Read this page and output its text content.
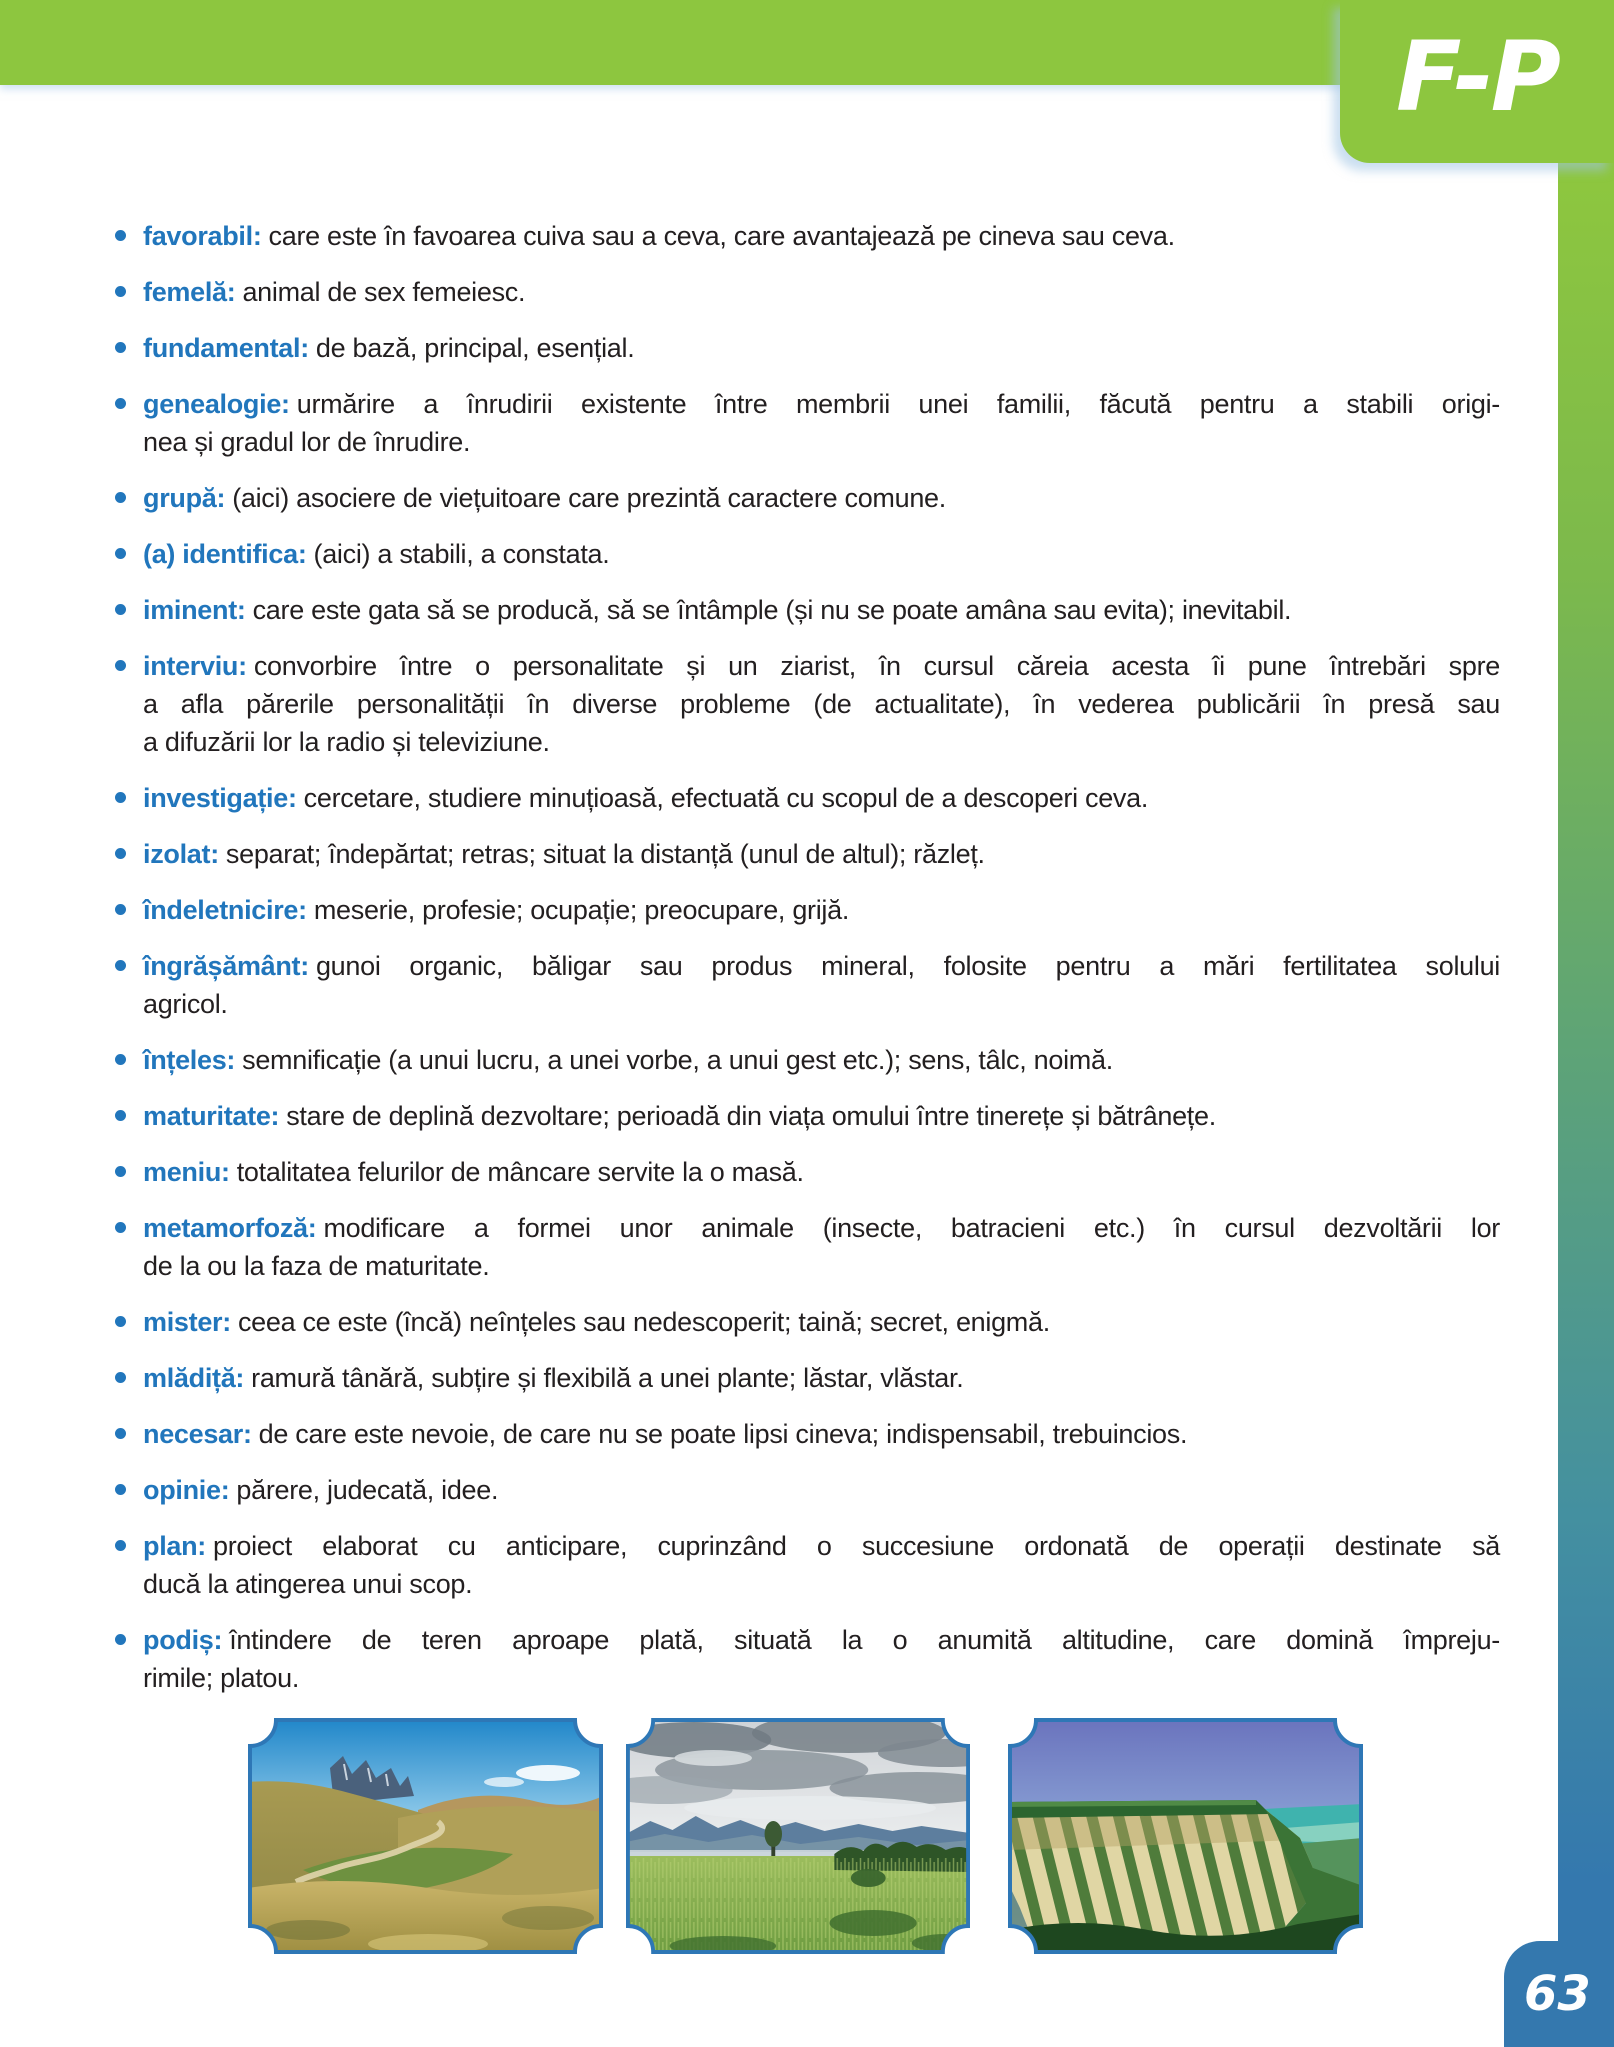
F-P
63
favorabil: care este în favoarea cuiva sau a ceva, care avantajează pe cineva sau ceva.
femelă: animal de sex femeiesc.
fundamental: de bază, principal, esențial.
genealogie: urmărire a înrudirii existente între membrii unei familii, făcută pentru a stabili origi-
nea și gradul lor de înrudire.
grupă: (aici) asociere de viețuitoare care prezintă caractere comune.
(a) identifica: (aici) a stabili, a constata.
iminent: care este gata să se producă, să se întâmple (și nu se poate amâna sau evita); inevitabil.
interviu: convorbire între o personalitate și un ziarist, în cursul căreia acesta îi pune întrebări spre
a afla părerile personalității în diverse probleme (de actualitate), în vederea publicării în presă sau
a difuzării lor la radio și televiziune.
investigație: cercetare, studiere minuțioasă, efectuată cu scopul de a descoperi ceva.
izolat: separat; îndepărtat; retras; situat la distanță (unul de altul); răzleț.
îndeletnicire: meserie, profesie; ocupație; preocupare, grijă.
îngrășământ: gunoi organic, băligar sau produs mineral, folosite pentru a mări fertilitatea solului
agricol.
înțeles: semnificație (a unui lucru, a unei vorbe, a unui gest etc.); sens, tâlc, noimă.
maturitate: stare de deplină dezvoltare; perioadă din viața omului între tinerețe și bătrânețe.
meniu: totalitatea felurilor de mâncare servite la o masă.
metamorfoză: modificare a formei unor animale (insecte, batracieni etc.) în cursul dezvoltării lor
de la ou la faza de maturitate.
mister: ceea ce este (încă) neînțeles sau nedescoperit; taină; secret, enigmă.
mlădiță: ramură tânără, subțire și flexibilă a unei plante; lăstar, vlăstar.
necesar: de care este nevoie, de care nu se poate lipsi cineva; indispensabil, trebuincios.
opinie: părere, judecată, idee.
plan: proiect elaborat cu anticipare, cuprinzând o succesiune ordonată de operații destinate să
ducă la atingerea unui scop.
podiș: întindere de teren aproape plată, situată la o anumită altitudine, care domină împreju-
rimile; platou.
